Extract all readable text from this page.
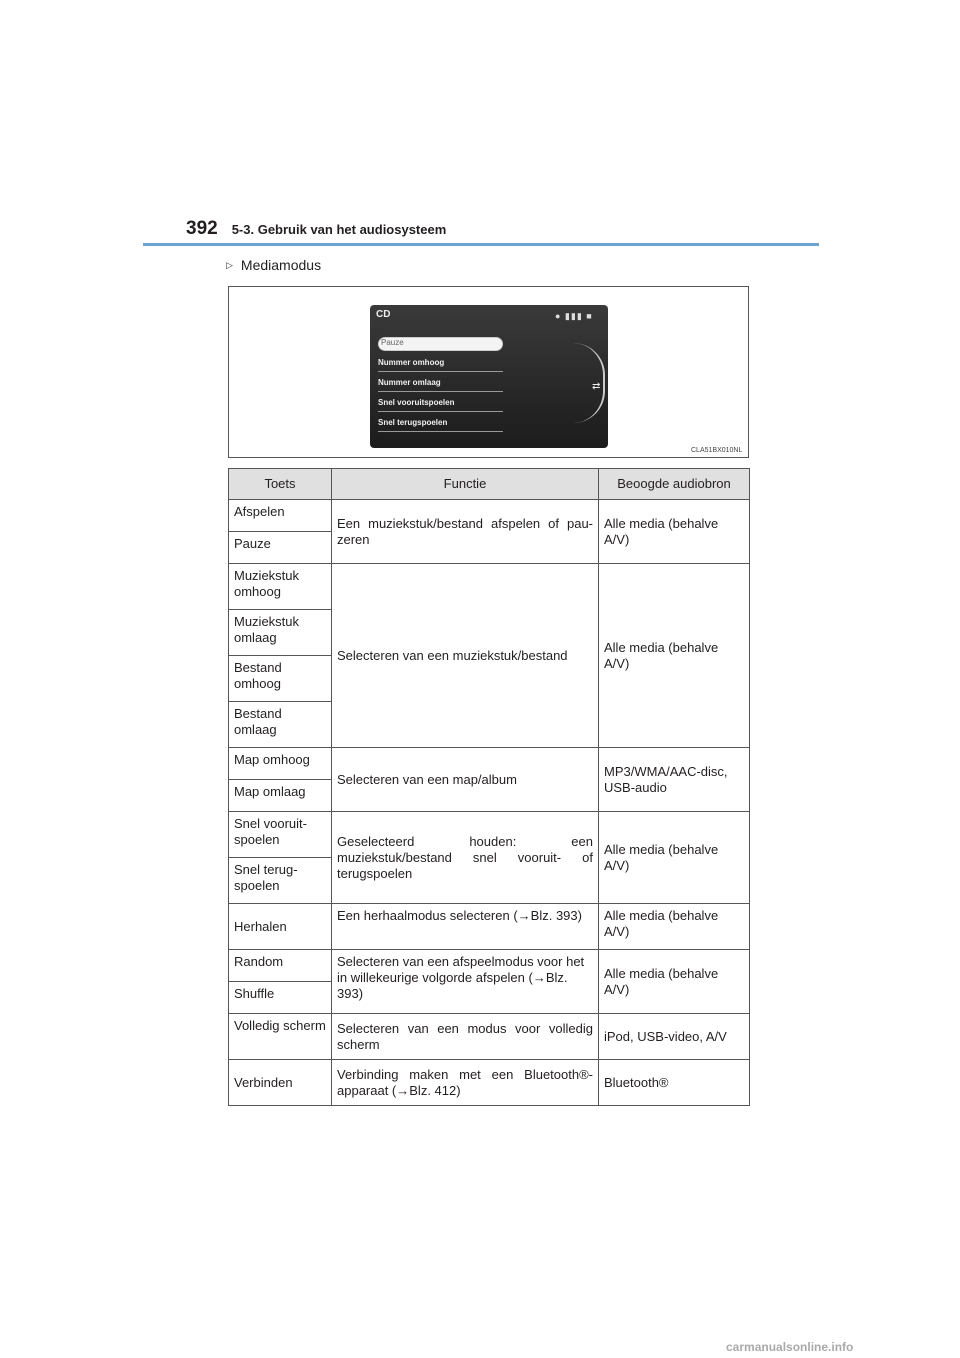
392 5-3. Gebruik van het audiosysteem
▷ Mediamodus
CD	● ▮▮▮ ■
Pauze
Nummer omhoog
Nummer omlaag
Snel vooruitspoelen
Snel terugspoelen
⇄
CLA51BX010NL
Toets	Functie	Beoogde audiobron
Afspelen	Een muziekstuk/bestand afspelen of pau-zeren	Alle media (behalve A/V)
Pauze		
Muziekstuk omhoog	Selecteren van een muziekstuk/bestand	Alle media (behalve A/V)
Muziekstuk omlaag		
Bestand omhoog		
Bestand omlaag		
Map omhoog	Selecteren van een map/album	MP3/WMA/AAC-disc, USB-audio
Map omlaag		
Snel vooruit-spoelen	Geselecteerd houden: een muziekstuk/bestand snel vooruit- of terugspoelen	Alle media (behalve A/V)
Snel terug-spoelen		
Herhalen	Een herhaalmodus selecteren (→Blz. 393)	Alle media (behalve A/V)
Random	Selecteren van een afspeelmodus voor het in willekeurige volgorde afspelen (→Blz. 393)	Alle media (behalve A/V)
Shuffle		
Volledig scherm	Selecteren van een modus voor volledig scherm	iPod, USB-video, A/V
Verbinden	Verbinding maken met een Bluetooth®-apparaat (→Blz. 412)	Bluetooth®
carmanualsonline.info
